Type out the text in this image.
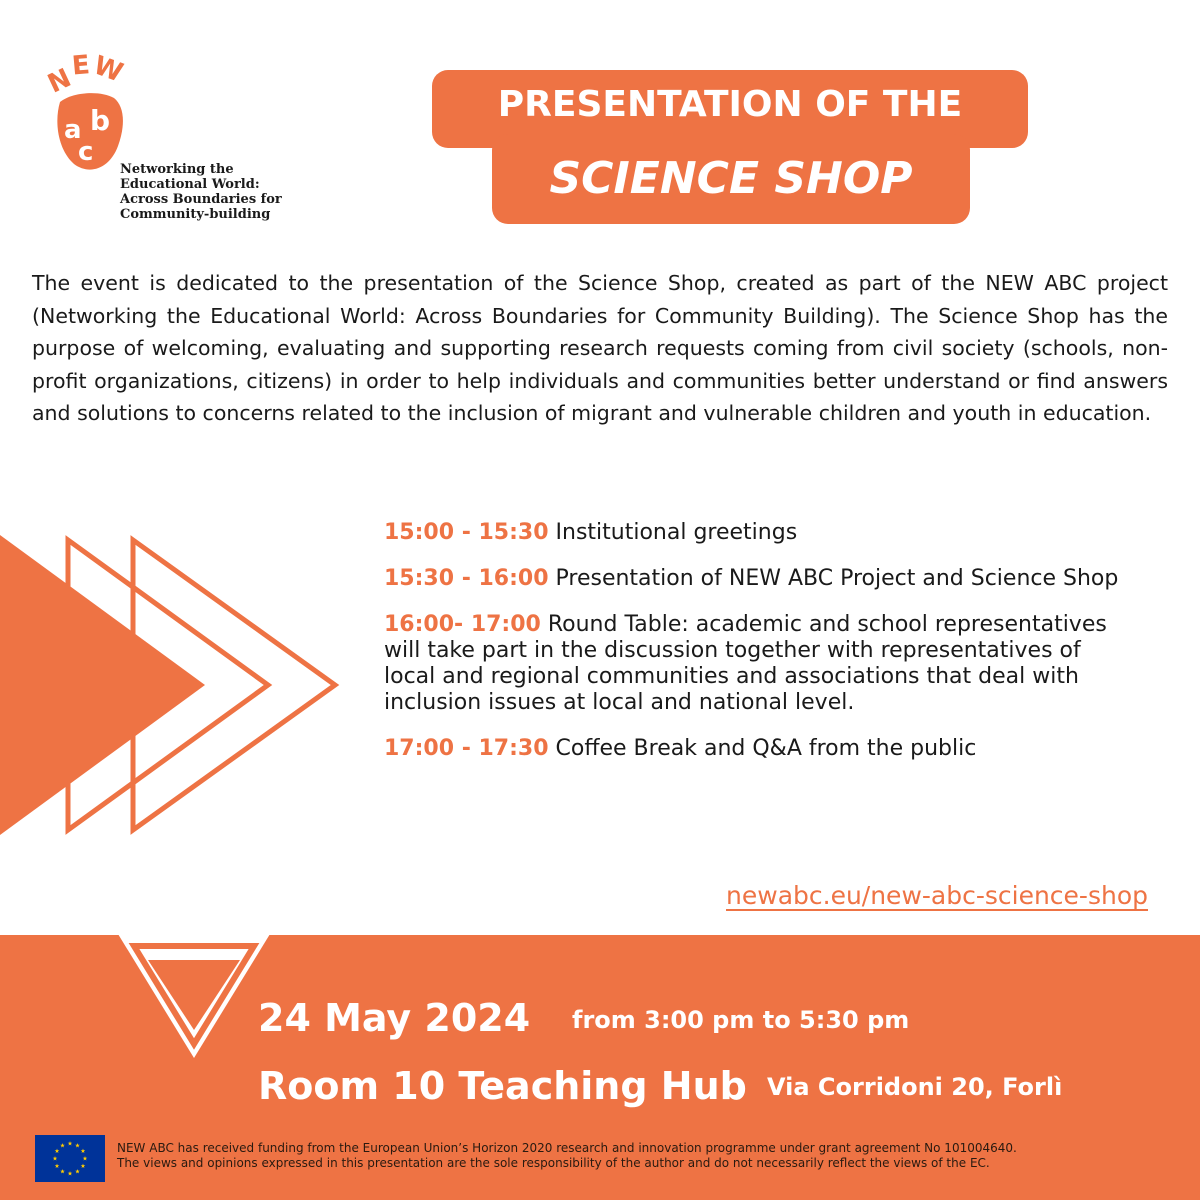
N
E
W
a b
c
Networking the
Educational World:
Across Boundaries for
Community-building
PRESENTATION OF THE
SCIENCE SHOP
The event is dedicated to the presentation of the Science Shop, created as part of the NEW ABC project (Networking the Educational World: Across Boundaries for Community Building). The Science Shop has the purpose of welcoming, evaluating and supporting research requests coming from civil society (schools, non-profit organizations, citizens) in order to help individuals and communities better understand or find answers and solutions to concerns related to the inclusion of migrant and vulnerable children and youth in education.
15:00 - 15:30 Institutional greetings
15:30 - 16:00 Presentation of NEW ABC Project and Science Shop
16:00- 17:00 Round Table: academic and school representatives will take part in the discussion together with representatives of local and regional communities and associations that deal with inclusion issues at local and national level.
17:00 - 17:30 Coffee Break and Q&A from the public
newabc.eu/new-abc-science-shop
24 May 2024 from 3:00 pm to 5:30 pm
Room 10 Teaching Hub Via Corridoni 20, Forlì
NEW ABC has received funding from the European Union’s Horizon 2020 research and innovation programme under grant agreement No 101004640.
The views and opinions expressed in this presentation are the sole responsibility of the author and do not necessarily reflect the views of the EC.
